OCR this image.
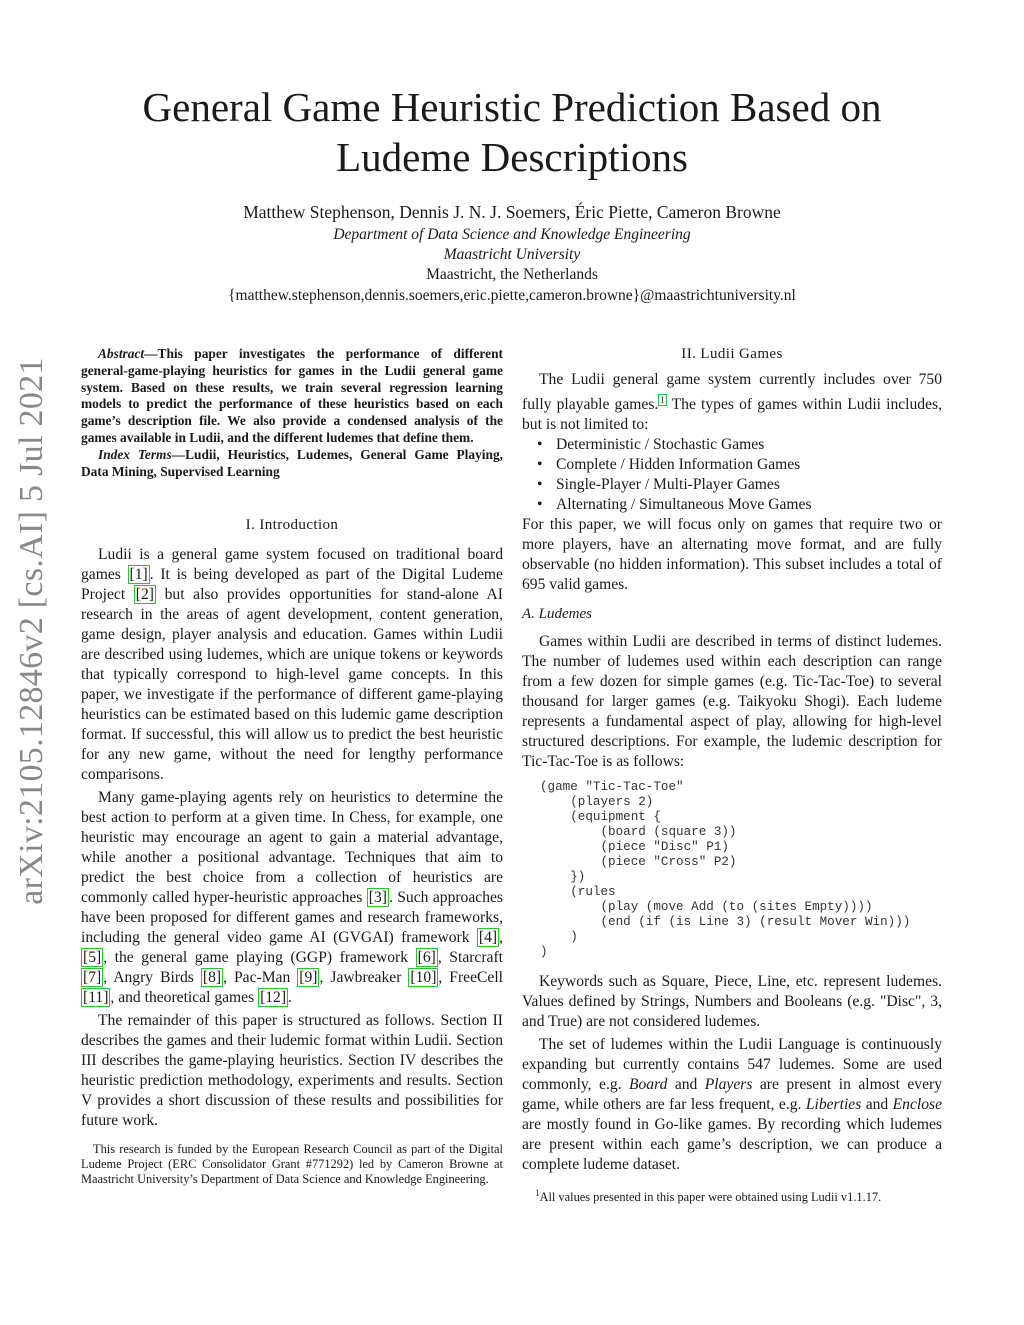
arXiv:2105.12846v2 [cs.AI] 5 Jul 2021
General Game Heuristic Prediction Based on Ludeme Descriptions
Matthew Stephenson, Dennis J. N. J. Soemers, Éric Piette, Cameron Browne
Department of Data Science and Knowledge Engineering
Maastricht University
Maastricht, the Netherlands
{matthew.stephenson,dennis.soemers,eric.piette,cameron.browne}@maastrichtuniversity.nl

Abstract—This paper investigates the performance of different general-game-playing heuristics for games in the Ludii general game system. Based on these results, we train several regression learning models to predict the performance of these heuristics based on each game’s description file. We also provide a condensed analysis of the games available in Ludii, and the different ludemes that define them.

Index Terms—Ludii, Heuristics, Ludemes, General Game Playing, Data Mining, Supervised Learning

I. Introduction

Ludii is a general game system focused on traditional board games [1] . It is being developed as part of the Digital Ludeme Project [2] but also provides opportunities for stand-alone AI research in the areas of agent development, content generation, game design, player analysis and education. Games within Ludii are described using ludemes, which are unique tokens or keywords that typically correspond to high-level game concepts. In this paper, we investigate if the performance of different game-playing heuristics can be estimated based on this ludemic game description format. If successful, this will allow us to predict the best heuristic for any new game, without the need for lengthy performance comparisons.

Many game-playing agents rely on heuristics to determine the best action to perform at a given time. In Chess, for example, one heuristic may encourage an agent to gain a material advantage, while another a positional advantage. Techniques that aim to predict the best choice from a collection of heuristics are commonly called hyper-heuristic approaches [3] . Such approaches have been proposed for different games and research frameworks, including the general video game AI (GVGAI) framework [4] , [5] , the general game playing (GGP) framework [6] , Starcraft [7] , Angry Birds [8] , Pac-Man [9] , Jawbreaker [10] , FreeCell [11] , and theoretical games [12] .

The remainder of this paper is structured as follows. Section II describes the games and their ludemic format within Ludii. Section III describes the game-playing heuristics. Section IV describes the heuristic prediction methodology, experiments and results. Section V provides a short discussion of these results and possibilities for future work.

This research is funded by the European Research Council as part of the Digital Ludeme Project (ERC Consolidator Grant #771292) led by Cameron Browne at Maastricht University’s Department of Data Science and Knowledge Engineering.

II. Ludii Games

The Ludii general game system currently includes over 750 fully playable games. $^1$ The types of games within Ludii includes, but is not limited to:

• Deterministic / Stochastic Games
• Complete / Hidden Information Games
• Single-Player / Multi-Player Games
• Alternating / Simultaneous Move Games

For this paper, we will focus only on games that require two or more players, have an alternating move format, and are fully observable (no hidden information). This subset includes a total of 695 valid games.

A. Ludemes

Games within Ludii are described in terms of distinct ludemes. The number of ludemes used within each description can range from a few dozen for simple games (e.g. Tic-Tac-Toe) to several thousand for larger games (e.g. Taikyoku Shogi). Each ludeme represents a fundamental aspect of play, allowing for high-level structured descriptions. For example, the ludemic description for Tic-Tac-Toe is as follows:

(game "Tic-Tac-Toe"
(players 2)
(equipment {
(board (square 3))
(piece "Disc" P1)
(piece "Cross" P2)
})
(rules
(play (move Add (to (sites Empty))))
(end (if (is Line 3) (result Mover Win)))
)
)

Keywords such as Square, Piece, Line, etc. represent ludemes. Values defined by Strings, Numbers and Booleans (e.g. "Disc", 3, and True) are not considered ludemes.

The set of ludemes within the Ludii Language is continuously expanding but currently contains 547 ludemes. Some are used commonly, e.g. Board and Players are present in almost every game, while others are far less frequent, e.g. Liberties and Enclose are mostly found in Go-like games. By recording which ludemes are present within each game’s description, we can produce a complete ludeme dataset.

$^1$All values presented in this paper were obtained using Ludii v1.1.17.
